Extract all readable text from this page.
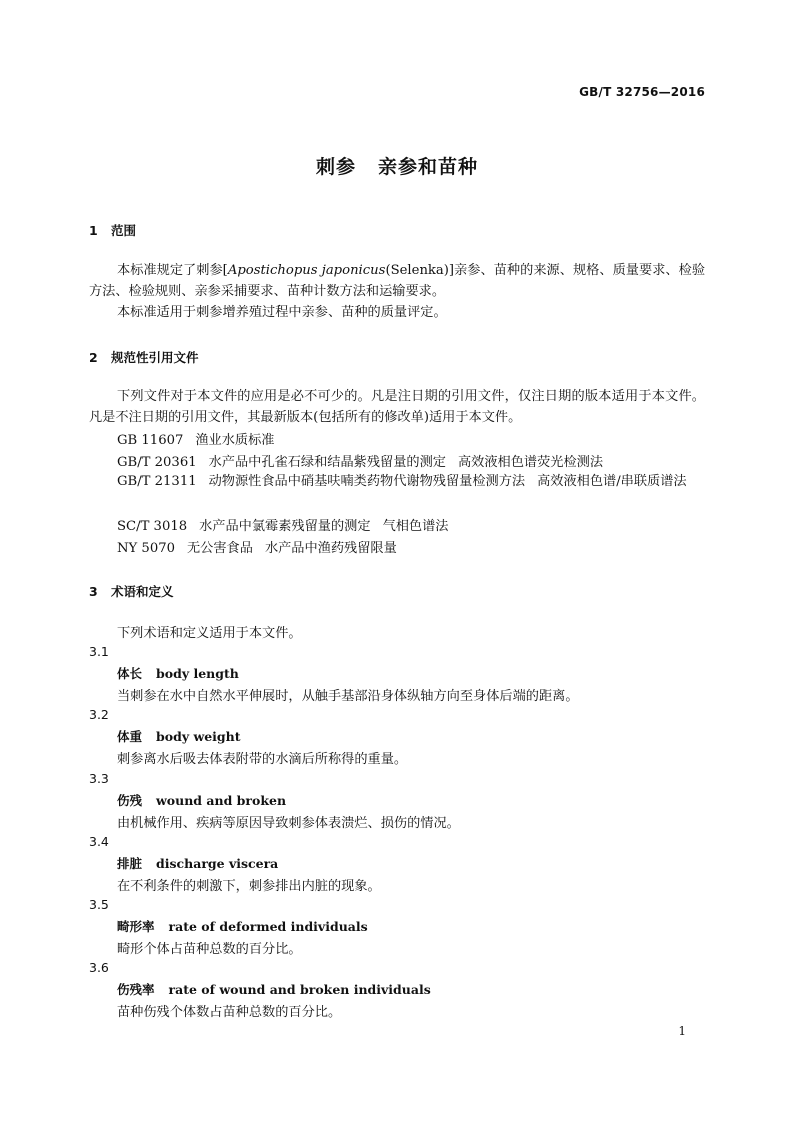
GB/T 32756—2016
刺参 亲参和苗种
1 范围
本标准规定了刺参[Apostichopus japonicus(Selenka)]亲参、苗种的来源、规格、质量要求、检验方法、检验规则、亲参采捕要求、苗种计数方法和运输要求。
本标准适用于刺参增养殖过程中亲参、苗种的质量评定。
2 规范性引用文件
下列文件对于本文件的应用是必不可少的。凡是注日期的引用文件，仅注日期的版本适用于本文件。凡是不注日期的引用文件，其最新版本(包括所有的修改单)适用于本文件。
GB 11607 渔业水质标准
GB/T 20361 水产品中孔雀石绿和结晶紫残留量的测定 高效液相色谱荧光检测法
GB/T 21311 动物源性食品中硝基呋喃类药物代谢物残留量检测方法 高效液相色谱/串联质谱法
SC/T 3018 水产品中氯霉素残留量的测定 气相色谱法
NY 5070 无公害食品 水产品中渔药残留限量
3 术语和定义
下列术语和定义适用于本文件。
3.1
体长 body length
当刺参在水中自然水平伸展时，从触手基部沿身体纵轴方向至身体后端的距离。
3.2
体重 body weight
刺参离水后吸去体表附带的水滴后所称得的重量。
3.3
伤残 wound and broken
由机械作用、疾病等原因导致刺参体表溃烂、损伤的情况。
3.4
排脏 discharge viscera
在不利条件的刺激下，刺参排出内脏的现象。
3.5
畸形率 rate of deformed individuals
畸形个体占苗种总数的百分比。
3.6
伤残率 rate of wound and broken individuals
苗种伤残个体数占苗种总数的百分比。
1
